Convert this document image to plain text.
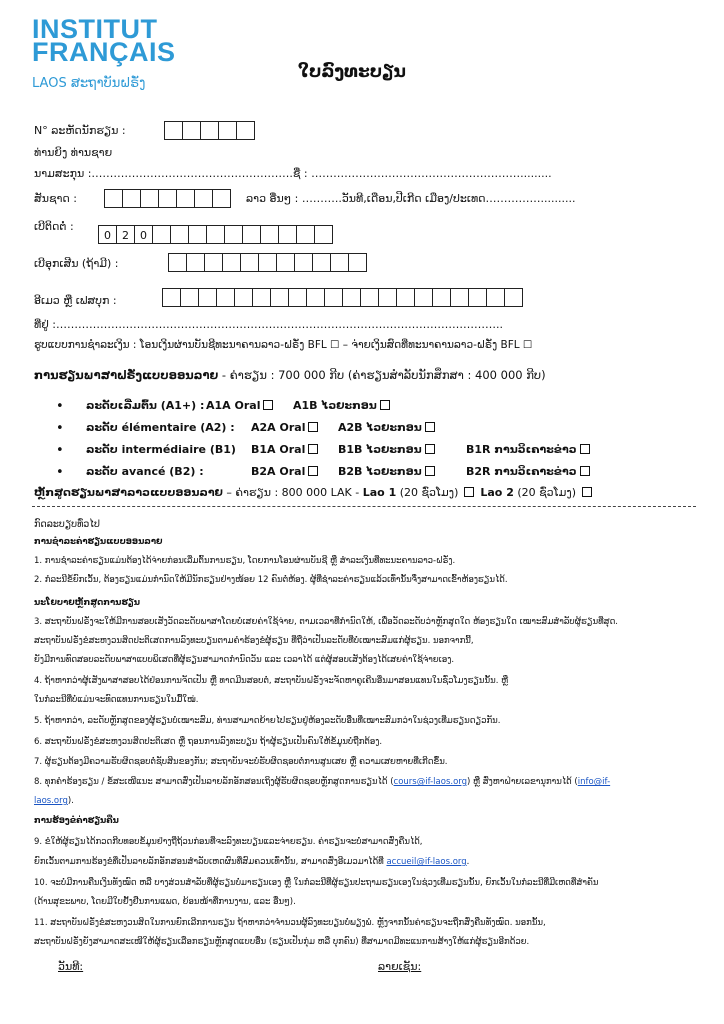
INSTITUT
FRANÇAIS
LAOS ສະຖາບັນຝຣັ່ງ
ໃບລົງທະບຽນ
N° ລະຫັດນັກຮຽນ :
ທ່ານຍິງ ທ່ານຊາຍ
ນາມສະກຸນ :……………………………………………….ຊື່ : ………………………………………………….........
ສັນຊາດ :	ລາວ ອື່ນໆ : ………..ວັນທີ,ເດືອນ,ປີເກີດ ເມືອງ/ປະເທດ……………..........
ເບີຕິດຕໍ່ :
0	2	0
ເບີອຸກເສີນ (ຖ້າມີ) :
ອີເມວ ຫຼື ເຟສບຸກ :
ທີ່ຢູ່ :…………………………………………………………………………………………………………..
ຮູບແບບການຊຳລະເງິນ : ໂອນເງິນຜ່ານບັນຊີທະນາຄານລາວ-ຝຣັ່ງ BFL ☐ – ຈ່າຍເງິນສົດທີ່ທະນາຄານລາວ-ຝຣັ່ງ BFL ☐
ການຮຽນພາສາຝຣັ່ງແບບອອນລາຍ - ຄ່າຮຽນ : 700 000 ກີບ (ຄ່າຮຽນສຳລັບນັກສຶກສາ : 400 000 ກີບ)
• ລະດັບເລີ່ມຕົ້ນ (A1+) : A1A Oral	A1B ໄວຍະກອນ
• ລະດັບ élémentaire (A2) : A2A Oral	A2B ໄວຍະກອນ
• ລະດັບ intermédiaire (B1) B1A Oral	B1B ໄວຍະກອນ	B1R ການວິເຄາະຂ່າວ
• ລະດັບ avancé (B2) :	B2A Oral	B2B ໄວຍະກອນ	B2R ການວິເຄາະຂ່າວ
ຫຼັກສູດຮຽນພາສາລາວແບບອອນລາຍ – ຄ່າຮຽນ : 800 000 LAK - Lao 1 (20 ຊົ່ວໂມງ) Lao 2 (20 ຊົ່ວໂມງ)
ກົດລະບຽບທົ່ວໄປ
ການຊຳລະຄ່າຮຽນແບບອອນລາຍ
1. ການຊຳລະຄ່າຮຽນແມ່ນຕ້ອງໄດ້ຈ່າຍກ່ອນເລີ່ມຕົ້ນການຮຽນ, ໂດຍການໂອນຜ່ານບັນຊີ ຫຼື ສຳລະເງິນທີ່ທະນະຄານລາວ-ຝຣັ່ງ.
2. ກໍລະນີຂໍ້ຍົກເວັ້ນ, ຕ້ອງຮຽນແມ່ນກຳນົດໃຫ້ມີນັກຮຽນຢ່າງໜ້ອຍ 12 ຄົນຕໍ່ຫ້ອງ. ຜູ້ທີ່ຊຳລະຄ່າຮຽນແລ້ວເທົ່ານັ້ນຈຶ່ງສາມາດເຂົ້າຫ້ອງຮຽນໄດ້.
ນະໂຍບາຍຫຼັກສູດການຮຽນ
3. ສະຖາບັນຝຣັ່ງຈະໃຫ້ມີການສອບເສັງວັດລະດັບພາສາໂດຍບໍ່ເສຍຄ່າໃຊ້ຈ່າຍ, ຕາມເວລາທີ່ກຳນົດໃຫ້, ເພື່ອວັດລະດັບວ່າຫຼັກສູດໃດ ຫ້ອງຮຽນໃດ ເໝາະສົມສຳລັບຜູ້ຮຽນທີ່ສຸດ.
ສະຖາບັນຝຣັ່ງຂໍສະຫງວນສິດປະຕິເສດການລົງທະບຽນຕາມຄຳຮ້ອງຂໍຜູ້ຮຽນ ທີ່ຖືວ່າເປັນລະດັບທີ່ບໍ່ເໝາະສົມແກ່ຜູ້ຮຽນ. ນອກຈາກນີ້,
ຍັງມີການທົດສອບລະດັບພາສາແບບພິເສດທີ່ຜູ້ຮຽນສາມາດກຳນົດວັນ ແລະ ເວລາໄດ້ ແຕ່ຜູ້ສອບເສັງຕ້ອງໄດ້ເສຍຄ່າໃຊ້ຈ່າຍເອງ.
4. ຖ້າຫາກວ່າຜູ້ເສັງພາສາສອບໄດ້ຢ່ອນການຈັດເປັນ ຫຼື ທາດມີນສອບຕໍ່, ສະຖາບັນຝຣັ່ງຈະຈັດຫາຄູເຄີນອີ່ນມາສອນແທນໃນຊົ່ວໂມງຮຽນນັ້ນ. ຫຼື
ໃນກໍລະນີທີ່ບໍ່ແມ່ນຈະທົດແທນການຮຽນໃນມື້ໃໝ່.
5. ຖ້າຫາກວ່າ, ລະດັບຫຼັກສູດຂອງຜູ້ຮຽນບໍ່ເໝາະສົມ, ທ່ານສາມາດຍ້າຍໄປຮຽນຢູ່ຫ້ອງລະດັບອື່ນທີ່ເໝາະສົມກວ່າໃນຊ່ວງເທີ່ມຮຽນດຽວກັນ.
6. ສະຖາບັນຝຣັ່ງຂໍສະຫງວນສິດປະຕິເສດ ຫຼື ຖອນການລົງທະບຽນ ຖ້າຜູ້ຮຽນເປັນຄົນໃຫ້ຂໍ້ມູນບໍ່ຖືກຕ້ອງ.
7. ຜູ້ຮຽນຕ້ອງມີຄວາມຮັບຜິດຊອບຕໍ່ຊັບສິນຂອງກັນ; ສະຖາບັນຈະບໍ່ຮັບຜິດຊອບຕໍ່ການສູນເສຍ ຫຼື ຄວາມເສຍຫາຍທີ່ເກີດຂຶ້ນ.
8. ທຸກຄຳຮ້ອງຮຽນ / ຂໍ້ສະເໜີແນະ ສາມາດສົ່ງເປັນລາຍລັກອັກສອນເຖິງຜູ້ຮັບຜິດຊອບຫຼັກສູດການຮຽນໄດ້ (cours@if-laos.org) ຫຼື ສົ່ງຫາຝ່າຍເລຂານຸການໄດ້ (info@if-
laos.org).
ການຮ້ອງຂໍຄ່າຮຽນຄືນ
9. ຂໍໃຫ້ຜູ້ຮຽນໄດ້ກວດກີບທອບຂໍ້ມູນຢ່າງຖີ່ຖ້ວນກ່ອນທີ່ຈະລົງທະບຽນແລະຈ່າຍຮຽນ. ຄ່າຮຽນຈະບໍ່ສາມາດສົ່ງຄືນໄດ້,
ຍົກເວັ້ນຕາມການຮ້ອງຂໍທີ່ເປັນລາຍລັກອັກສອນສຳລັບເຫດຜົນທີ່ສົມຄວນເທົ່ານັ້ນ, ສາມາດສົ່ງອີເມວມາໄດ້ທີ່ accueil@if-laos.org.
10. ຈະບໍ່ມີການຄືນເງິນທັງໝົດ ຫລື ບາງສ່ວນສຳລັບທີ່ຜູ້ຮຽນບໍ່ມາຮຽນເອງ ຫຼື ໃນກໍລະນີທີ່ຜູ້ຮຽນປະຖາມຮຽນເອງໃນຊ່ວງເທີ່ມຮຽນນັ້ນ, ຍົກເວັ້ນໃນກໍລະນີທີ່ມີເຫດທີ່ສຳຄັນ
(ດ້ານສຸຂະພາບ, ໂດຍມີໃບຢັ້ງຢືນການແພດ, ຍ້ອນໜ້າທີ່ການງານ, ແລະ ອື່ນໆ).
11. ສະຖາບັນຝຣັ່ງຂໍສະຫງວນສິດໃນການຍົກເລີກການຮຽນ ຖ້າຫາກວ່າຈຳນວນຜູ້ລົງທະບຽນບໍ່ພຽງພໍ. ຫຼັງຈາກນັ້ນຄ່າຮຽນຈະຖືກສົ່ງຄືນທັງໝົດ. ນອກນັ້ນ,
ສະຖາບັນຝຣັ່ງຍັງສາມາດສະເໜີໃຫ້ຜູ້ຮຽນເລືອກຮຽນຫຼັກສູດແບບອື່ນ (ຮຽນເປັນກຸ່ມ ຫລື ບຸກຄົນ) ທີ່ສາມາດມີທະແນການສ້າງໃຫ້ແກ່ຜູ້ຮຽນອີກດ້ວຍ.
ວັນທີ:	ລາຍເຊັນ:
